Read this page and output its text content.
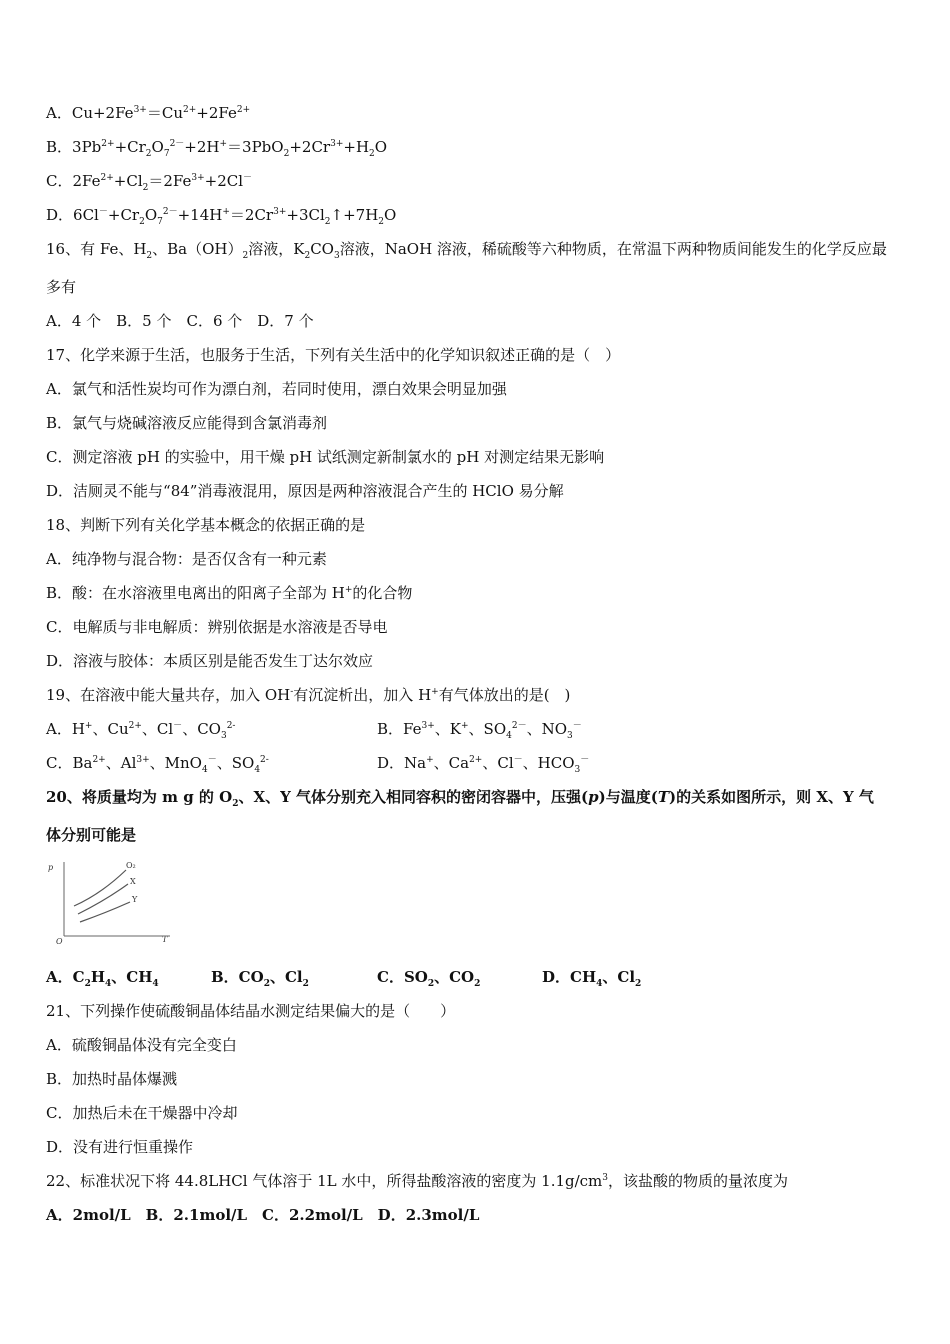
A．$Cu+2Fe^{3+}=Cu^{2+}+2Fe^{2+}$
B．$3Pb^{2+}+Cr_2O_7^{2-}+2H^+=3PbO_2+2Cr^{3+}+H_2O$
C．$2Fe^{2+}+Cl_2=2Fe^{3+}+2Cl^-$
D．$6Cl^-+Cr_2O_7^{2-}+14H^+=2Cr^{3+}+3Cl_2↑+7H_2O$
16、有 Fe、$H_2$、$Ba(OH)_2$溶液，$K_2CO_3$溶液，NaOH 溶液，稀硫酸等六种物质，在常温下两种物质间能发生的化学反应最
多有
A．4 个　B．5 个　C．6 个　D．7 个
17、化学来源于生活，也服务于生活，下列有关生活中的化学知识叙述正确的是（　）
A．氯气和活性炭均可作为漂白剂，若同时使用，漂白效果会明显加强
B．氯气与烧碱溶液反应能得到含氯消毒剂
C．测定溶液 pH 的实验中，用干燥 pH 试纸测定新制氯水的 pH 对测定结果无影响
D．洁厕灵不能与“84”消毒液混用，原因是两种溶液混合产生的 HClO 易分解
18、判断下列有关化学基本概念的依据正确的是
A．纯净物与混合物：是否仅含有一种元素
B．酸：在水溶液里电离出的阳离子全部为 H+的化合物
C．电解质与非电解质：辨别依据是水溶液是否导电
D．溶液与胶体：本质区别是能否发生丁达尔效应
19、在溶液中能大量共存，加入 OH-有沉淀析出，加入 H+有气体放出的是(　)
A．H+、$Cu^{2+}$、Cl－、$CO_3^{2-}$	B．$Fe^{3+}$、K+、$SO_4^{2-}$、$NO_3^-$
C．$Ba^{2+}$、$Al^{3+}$、MnO$_4$－、$SO_4^{2-}$	D．Na+、$Ca^{2+}$、Cl－、$HCO_3^-$
20、将质量均为 m g 的 $O_2$、X、Y 气体分别充入相同容积的密闭容器中，压强(p)与温度(T)的关系如图所示，则 X、Y 气
体分别可能是
p
O	T
O₂
X
Y
A．$C_2H_4$、$CH_4$	B．$CO_2$、$Cl_2$	C．$SO_2$、$CO_2$	D．$CH_4$、$Cl_2$
21、下列操作使硫酸铜晶体结晶水测定结果偏大的是（　　）
A．硫酸铜晶体没有完全变白
B．加热时晶体爆溅
C．加热后未在干燥器中冷却
D．没有进行恒重操作
22、标准状况下将 44.8LHCl 气体溶于 1L 水中，所得盐酸溶液的密度为 $1.1g/cm^3$，该盐酸的物质的量浓度为
A．2mol/L　B．2.1mol/L　C．2.2mol/L　D．2.3mol/L
